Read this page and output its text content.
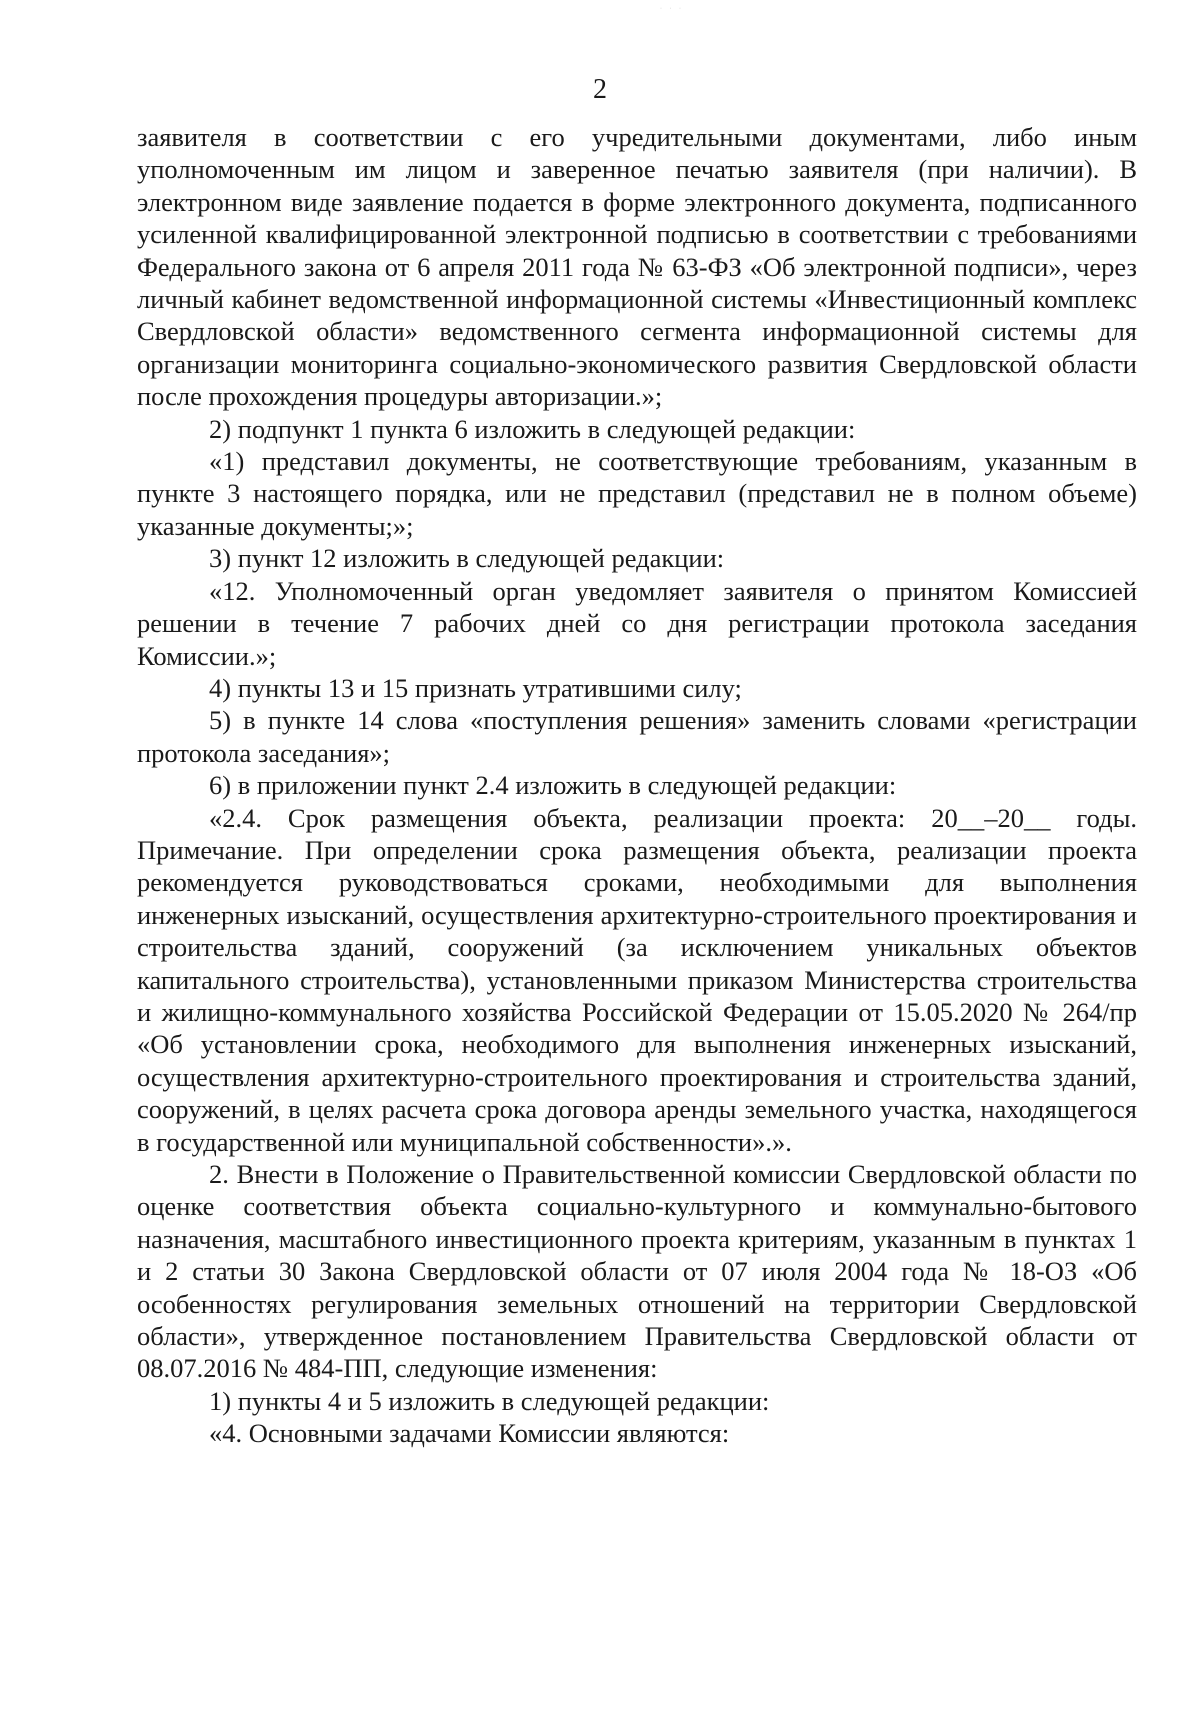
· · ·
2

заявителя в соответствии с его учредительными документами, либо иным уполномоченным им лицом и заверенное печатью заявителя (при наличии). В электронном виде заявление подается в форме электронного документа, подписанного усиленной квалифицированной электронной подписью в соответствии с требованиями Федерального закона от 6 апреля 2011 года № 63-ФЗ «Об электронной подписи», через личный кабинет ведомственной информационной системы «Инвестиционный комплекс Свердловской области» ведомственного сегмента информационной системы для организации мониторинга социально-экономического развития Свердловской области после прохождения процедуры авторизации.»;

2) подпункт 1 пункта 6 изложить в следующей редакции:

«1) представил документы, не соответствующие требованиям, указанным в пункте 3 настоящего порядка, или не представил (представил не в полном объеме) указанные документы;»;

3) пункт 12 изложить в следующей редакции:

«12. Уполномоченный орган уведомляет заявителя о принятом Комиссией решении в течение 7 рабочих дней со дня регистрации протокола заседания Комиссии.»;

4) пункты 13 и 15 признать утратившими силу;

5) в пункте 14 слова «поступления решения» заменить словами «регистрации протокола заседания»;

6) в приложении пункт 2.4 изложить в следующей редакции:

«2.4. Срок размещения объекта, реализации проекта: 20__–20__ годы. Примечание. При определении срока размещения объекта, реализации проекта рекомендуется руководствоваться сроками, необходимыми для выполнения инженерных изысканий, осуществления архитектурно-строительного проектирования и строительства зданий, сооружений (за исключением уникальных объектов капитального строительства), установленными приказом Министерства строительства и жилищно-коммунального хозяйства Российской Федерации от 15.05.2020 № 264/пр «Об установлении срока, необходимого для выполнения инженерных изысканий, осуществления архитектурно-строительного проектирования и строительства зданий, сооружений, в целях расчета срока договора аренды земельного участка, находящегося в государственной или муниципальной собственности».».

2. Внести в Положение о Правительственной комиссии Свердловской области по оценке соответствия объекта социально-культурного и коммунально-бытового назначения, масштабного инвестиционного проекта критериям, указанным в пунктах 1 и 2 статьи 30 Закона Свердловской области от 07 июля 2004 года № 18-ОЗ «Об особенностях регулирования земельных отношений на территории Свердловской области», утвержденное постановлением Правительства Свердловской области от 08.07.2016 № 484-ПП, следующие изменения:

1) пункты 4 и 5 изложить в следующей редакции:

«4. Основными задачами Комиссии являются:
